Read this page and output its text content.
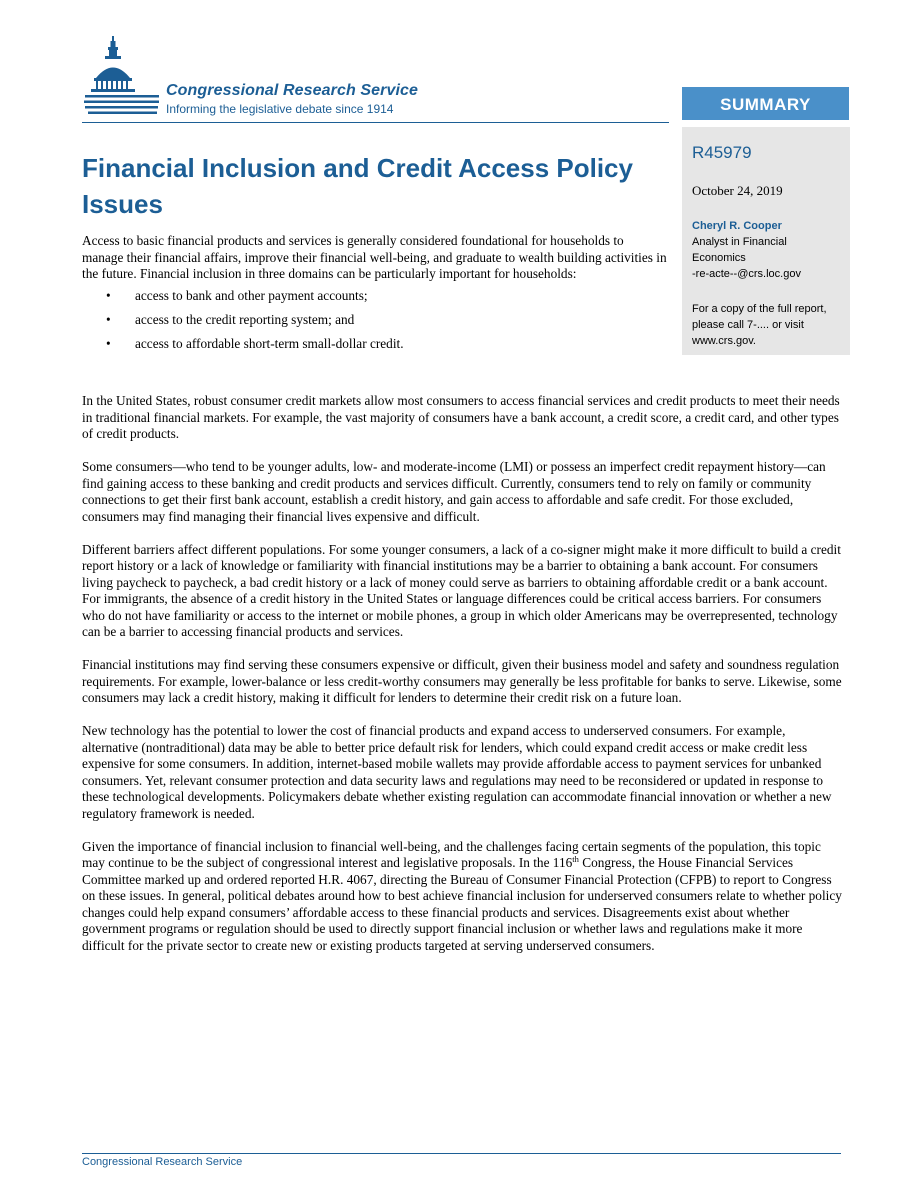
Congressional Research Service
Informing the legislative debate since 1914	SUMMARY
R45979
October 24, 2019
Cheryl R. Cooper
Analyst in Financial
Economics
-re-acte--@crs.loc.gov
For a copy of the full report, please call 7-.... or visit www.crs.gov.
Financial Inclusion and Credit Access Policy Issues

Access to basic financial products and services is generally considered foundational for households to manage their financial affairs, improve their financial well-being, and graduate to wealth building activities in the future. Financial inclusion in three domains can be particularly important for households:

• access to bank and other payment accounts;
• access to the credit reporting system; and
• access to affordable short-term small-dollar credit.

In the United States, robust consumer credit markets allow most consumers to access financial services and credit products to meet their needs in traditional financial markets. For example, the vast majority of consumers have a bank account, a credit score, a credit card, and other types of credit products.

Some consumers—who tend to be younger adults, low- and moderate-income (LMI) or possess an imperfect credit repayment history—can find gaining access to these banking and credit products and services difficult. Currently, consumers tend to rely on family or community connections to get their first bank account, establish a credit history, and gain access to affordable and safe credit. For those excluded, consumers may find managing their financial lives expensive and difficult.

Different barriers affect different populations. For some younger consumers, a lack of a co-signer might make it more difficult to build a credit report history or a lack of knowledge or familiarity with financial institutions may be a barrier to obtaining a bank account. For consumers living paycheck to paycheck, a bad credit history or a lack of money could serve as barriers to obtaining affordable credit or a bank account. For immigrants, the absence of a credit history in the United States or language differences could be critical access barriers. For consumers who do not have familiarity or access to the internet or mobile phones, a group in which older Americans may be overrepresented, technology can be a barrier to accessing financial products and services.

Financial institutions may find serving these consumers expensive or difficult, given their business model and safety and soundness regulation requirements. For example, lower-balance or less credit-worthy consumers may generally be less profitable for banks to serve. Likewise, some consumers may lack a credit history, making it difficult for lenders to determine their credit risk on a future loan.

New technology has the potential to lower the cost of financial products and expand access to underserved consumers. For example, alternative (nontraditional) data may be able to better price default risk for lenders, which could expand credit access or make credit less expensive for some consumers. In addition, internet-based mobile wallets may provide affordable access to payment services for unbanked consumers. Yet, relevant consumer protection and data security laws and regulations may need to be reconsidered or updated in response to these technological developments. Policymakers debate whether existing regulation can accommodate financial innovation or whether a new regulatory framework is needed.

Given the importance of financial inclusion to financial well-being, and the challenges facing certain segments of the population, this topic may continue to be the subject of congressional interest and legislative proposals. In the 116th Congress, the House Financial Services Committee marked up and ordered reported H.R. 4067, directing the Bureau of Consumer Financial Protection (CFPB) to report to Congress on these issues. In general, political debates around how to best achieve financial inclusion for underserved consumers relate to whether policy changes could help expand consumers’ affordable access to these financial products and services. Disagreements exist about whether government programs or regulation should be used to directly support financial inclusion or whether laws and regulations make it more difficult for the private sector to create new or existing products targeted at serving underserved consumers.

Congressional Research Service
